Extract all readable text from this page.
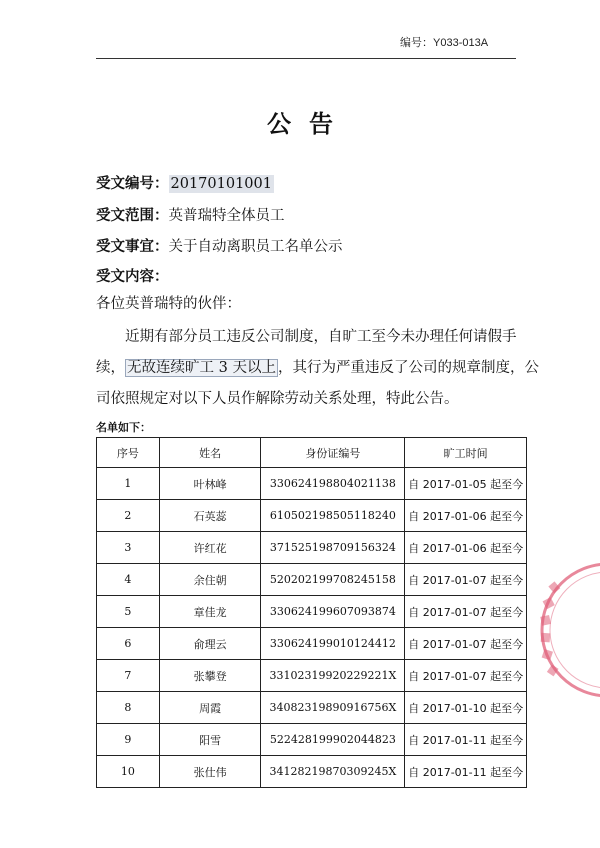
编号：Y033-013A
公告
受文编号： 20170101001
受文范围：英普瑞特全体员工
受文事宜：关于自动离职员工名单公示
受文内容：
各位英普瑞特的伙伴：
近期有部分员工违反公司制度，自旷工至今未办理任何请假手
续， 无故连续旷工 3 天以上 ，其行为严重违反了公司的规章制度，公
司依照规定对以下人员作解除劳动关系处理，特此公告。
名单如下：
序号	姓名	身份证编号	旷工时间
1	叶林峰	330624198804021138	自 2017-01-05 起至今
2	石英蕊	610502198505118240	自 2017-01-06 起至今
3	许红花	371525198709156324	自 2017-01-06 起至今
4	余住朝	520202199708245158	自 2017-01-07 起至今
5	章佳龙	330624199607093874	自 2017-01-07 起至今
6	俞理云	330624199010124412	自 2017-01-07 起至今
7	张攀登	33102319920229221X	自 2017-01-07 起至今
8	周霞	34082319890916756X	自 2017-01-10 起至今
9	阳雪	522428199902044823	自 2017-01-11 起至今
10	张仕伟	34128219870309245X	自 2017-01-11 起至今
